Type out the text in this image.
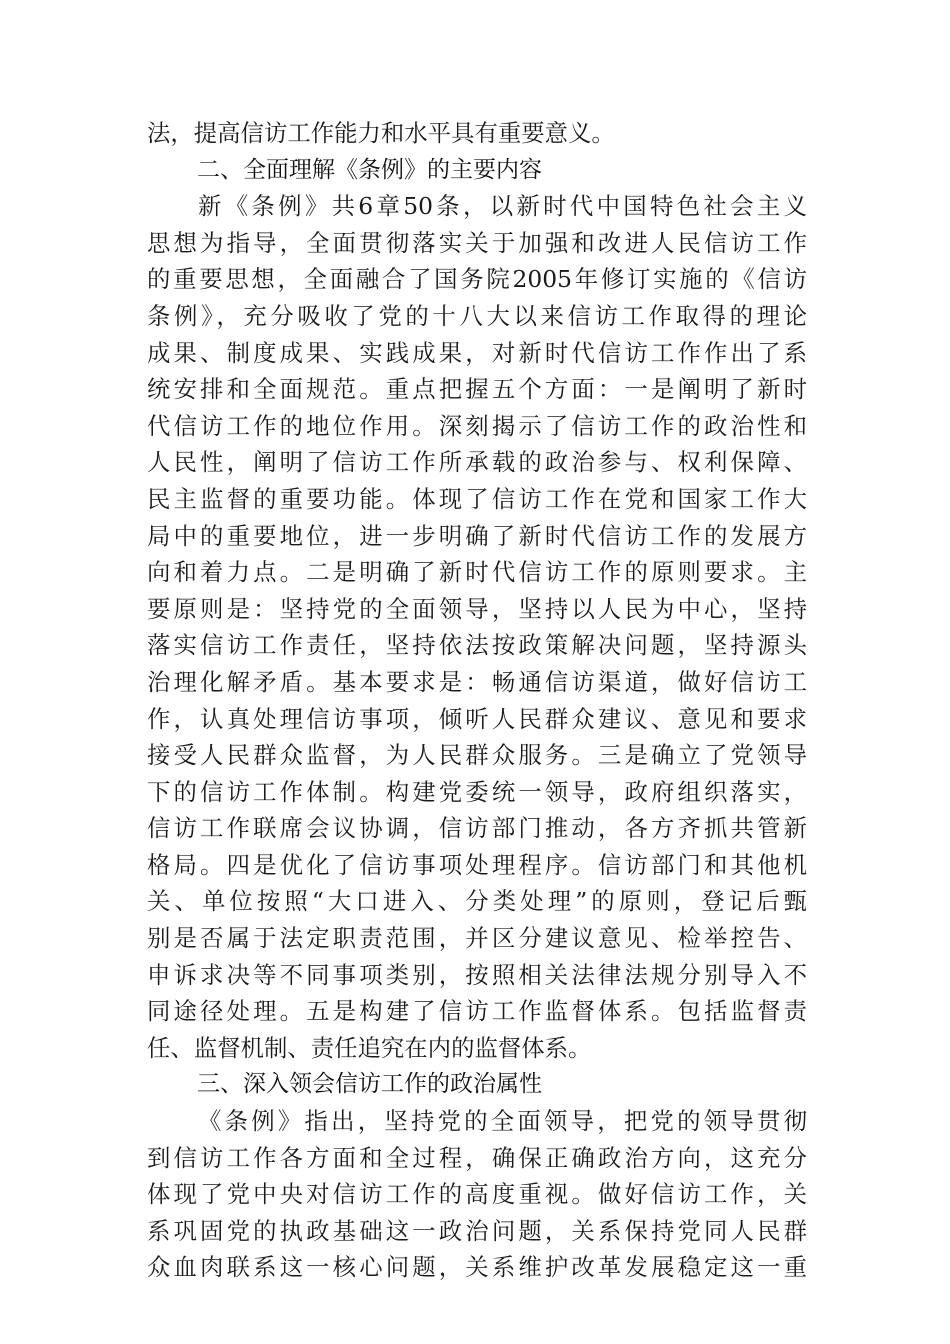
法，提高信访工作能力和水平具有重要意义。
二、全面理解《条例》的主要内容
新《条例》共6章50条，以新时代中国特色社会主义
思想为指导，全面贯彻落实关于加强和改进人民信访工作
的重要思想，全面融合了国务院2005年修订实施的《信访
条例》，充分吸收了党的十八大以来信访工作取得的理论
成果、制度成果、实践成果，对新时代信访工作作出了系
统安排和全面规范。重点把握五个方面：一是阐明了新时
代信访工作的地位作用。深刻揭示了信访工作的政治性和
人民性，阐明了信访工作所承载的政治参与、权利保障、
民主监督的重要功能。体现了信访工作在党和国家工作大
局中的重要地位，进一步明确了新时代信访工作的发展方
向和着力点。二是明确了新时代信访工作的原则要求。主
要原则是：坚持党的全面领导，坚持以人民为中心，坚持
落实信访工作责任，坚持依法按政策解决问题，坚持源头
治理化解矛盾。基本要求是：畅通信访渠道，做好信访工
作，认真处理信访事项，倾听人民群众建议、意见和要求
接受人民群众监督，为人民群众服务。三是确立了党领导
下的信访工作体制。构建党委统一领导，政府组织落实，
信访工作联席会议协调，信访部门推动，各方齐抓共管新
格局。四是优化了信访事项处理程序。信访部门和其他机
关、单位按照“大口进入、分类处理”的原则，登记后甄
别是否属于法定职责范围，并区分建议意见、检举控告、
申诉求决等不同事项类别，按照相关法律法规分别导入不
同途径处理。五是构建了信访工作监督体系。包括监督责
任、监督机制、责任追究在内的监督体系。
三、深入领会信访工作的政治属性
《条例》指出，坚持党的全面领导，把党的领导贯彻
到信访工作各方面和全过程，确保正确政治方向，这充分
体现了党中央对信访工作的高度重视。做好信访工作，关
系巩固党的执政基础这一政治问题，关系保持党同人民群
众血肉联系这一核心问题，关系维护改革发展稳定这一重
